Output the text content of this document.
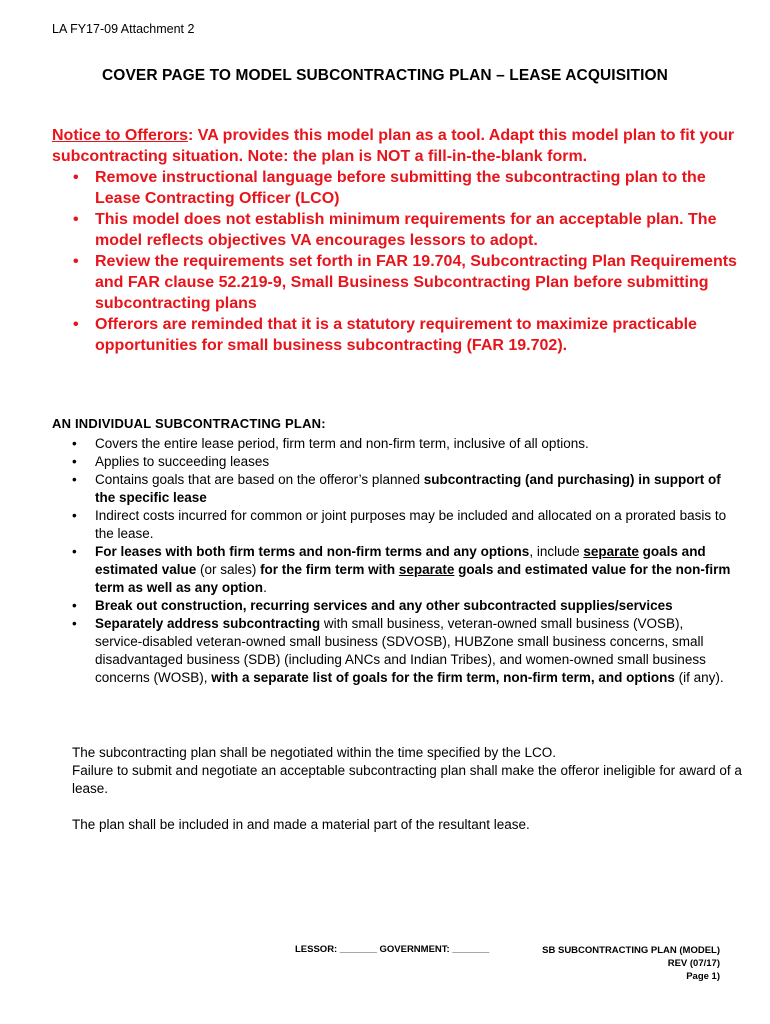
LA FY17-09 Attachment 2
COVER PAGE TO MODEL SUBCONTRACTING PLAN – LEASE ACQUISITION

Notice to Offerors: VA provides this model plan as a tool. Adapt this model plan to fit your subcontracting situation. Note: the plan is NOT a fill-in-the-blank form.

• Remove instructional language before submitting the subcontracting plan to the Lease Contracting Officer (LCO)
• This model does not establish minimum requirements for an acceptable plan. The model reflects objectives VA encourages lessors to adopt.
• Review the requirements set forth in FAR 19.704, Subcontracting Plan Requirements and FAR clause 52.219-9, Small Business Subcontracting Plan before submitting subcontracting plans
• Offerors are reminded that it is a statutory requirement to maximize practicable opportunities for small business subcontracting (FAR 19.702).

AN INDIVIDUAL SUBCONTRACTING PLAN:

• Covers the entire lease period, firm term and non-firm term, inclusive of all options.
• Applies to succeeding leases
• Contains goals that are based on the offeror’s planned subcontracting (and purchasing) in support of the specific lease
• Indirect costs incurred for common or joint purposes may be included and allocated on a prorated basis to the lease.
• For leases with both firm terms and non-firm terms and any options, include separate goals and estimated value (or sales) for the firm term with separate goals and estimated value for the non-firm term as well as any option.
• Break out construction, recurring services and any other subcontracted supplies/services
• Separately address subcontracting with small business, veteran-owned small business (VOSB), service-disabled veteran-owned small business (SDVOSB), HUBZone small business concerns, small disadvantaged business (SDB) (including ANCs and Indian Tribes), and women-owned small business concerns (WOSB), with a separate list of goals for the firm term, non-firm term, and options (if any).

The subcontracting plan shall be negotiated within the time specified by the LCO.

Failure to submit and negotiate an acceptable subcontracting plan shall make the offeror ineligible for award of a lease.

The plan shall be included in and made a material part of the resultant lease.

LESSOR: _______ GOVERNMENT: _______	SB SUBCONTRACTING PLAN (MODEL)
REV (07/17)
Page 1)
